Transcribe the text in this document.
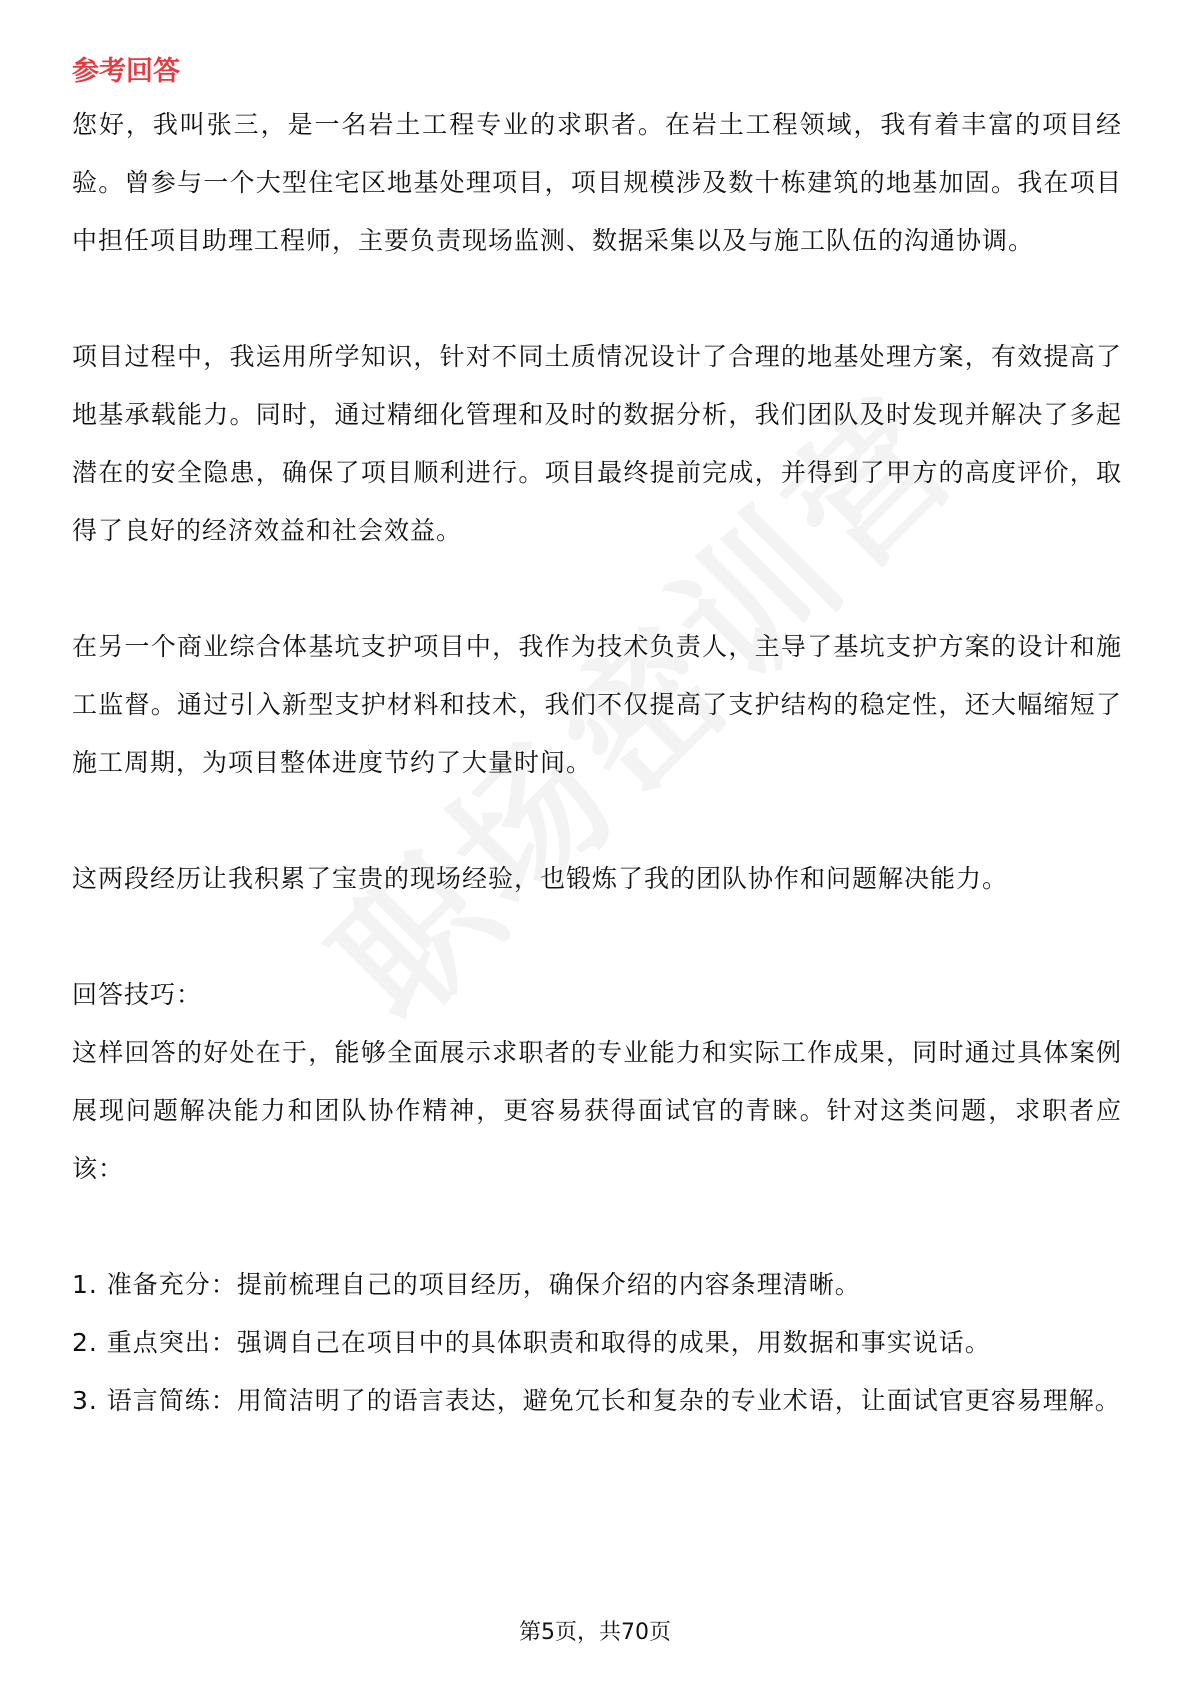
参考回答

您好，我叫张三，是一名岩土工程专业的求职者。在岩土工程领域，我有着丰富的项目经验。曾参与一个大型住宅区地基处理项目，项目规模涉及数十栋建筑的地基加固。我在项目中担任项目助理工程师，主要负责现场监测、数据采集以及与施工队伍的沟通协调。

项目过程中，我运用所学知识，针对不同土质情况设计了合理的地基处理方案，有效提高了地基承载能力。同时，通过精细化管理和及时的数据分析，我们团队及时发现并解决了多起潜在的安全隐患，确保了项目顺利进行。项目最终提前完成，并得到了甲方的高度评价，取得了良好的经济效益和社会效益。

在另一个商业综合体基坑支护项目中，我作为技术负责人，主导了基坑支护方案的设计和施工监督。通过引入新型支护材料和技术，我们不仅提高了支护结构的稳定性，还大幅缩短了施工周期，为项目整体进度节约了大量时间。

这两段经历让我积累了宝贵的现场经验，也锻炼了我的团队协作和问题解决能力。

回答技巧：

这样回答的好处在于，能够全面展示求职者的专业能力和实际工作成果，同时通过具体案例展现问题解决能力和团队协作精神，更容易获得面试官的青睐。针对这类问题，求职者应该：

1. 准备充分：提前梳理自己的项目经历，确保介绍的内容条理清晰。

2. 重点突出：强调自己在项目中的具体职责和取得的成果，用数据和事实说话。

3. 语言简练：用简洁明了的语言表达，避免冗长和复杂的专业术语，让面试官更容易理解。

第5页，共70页
